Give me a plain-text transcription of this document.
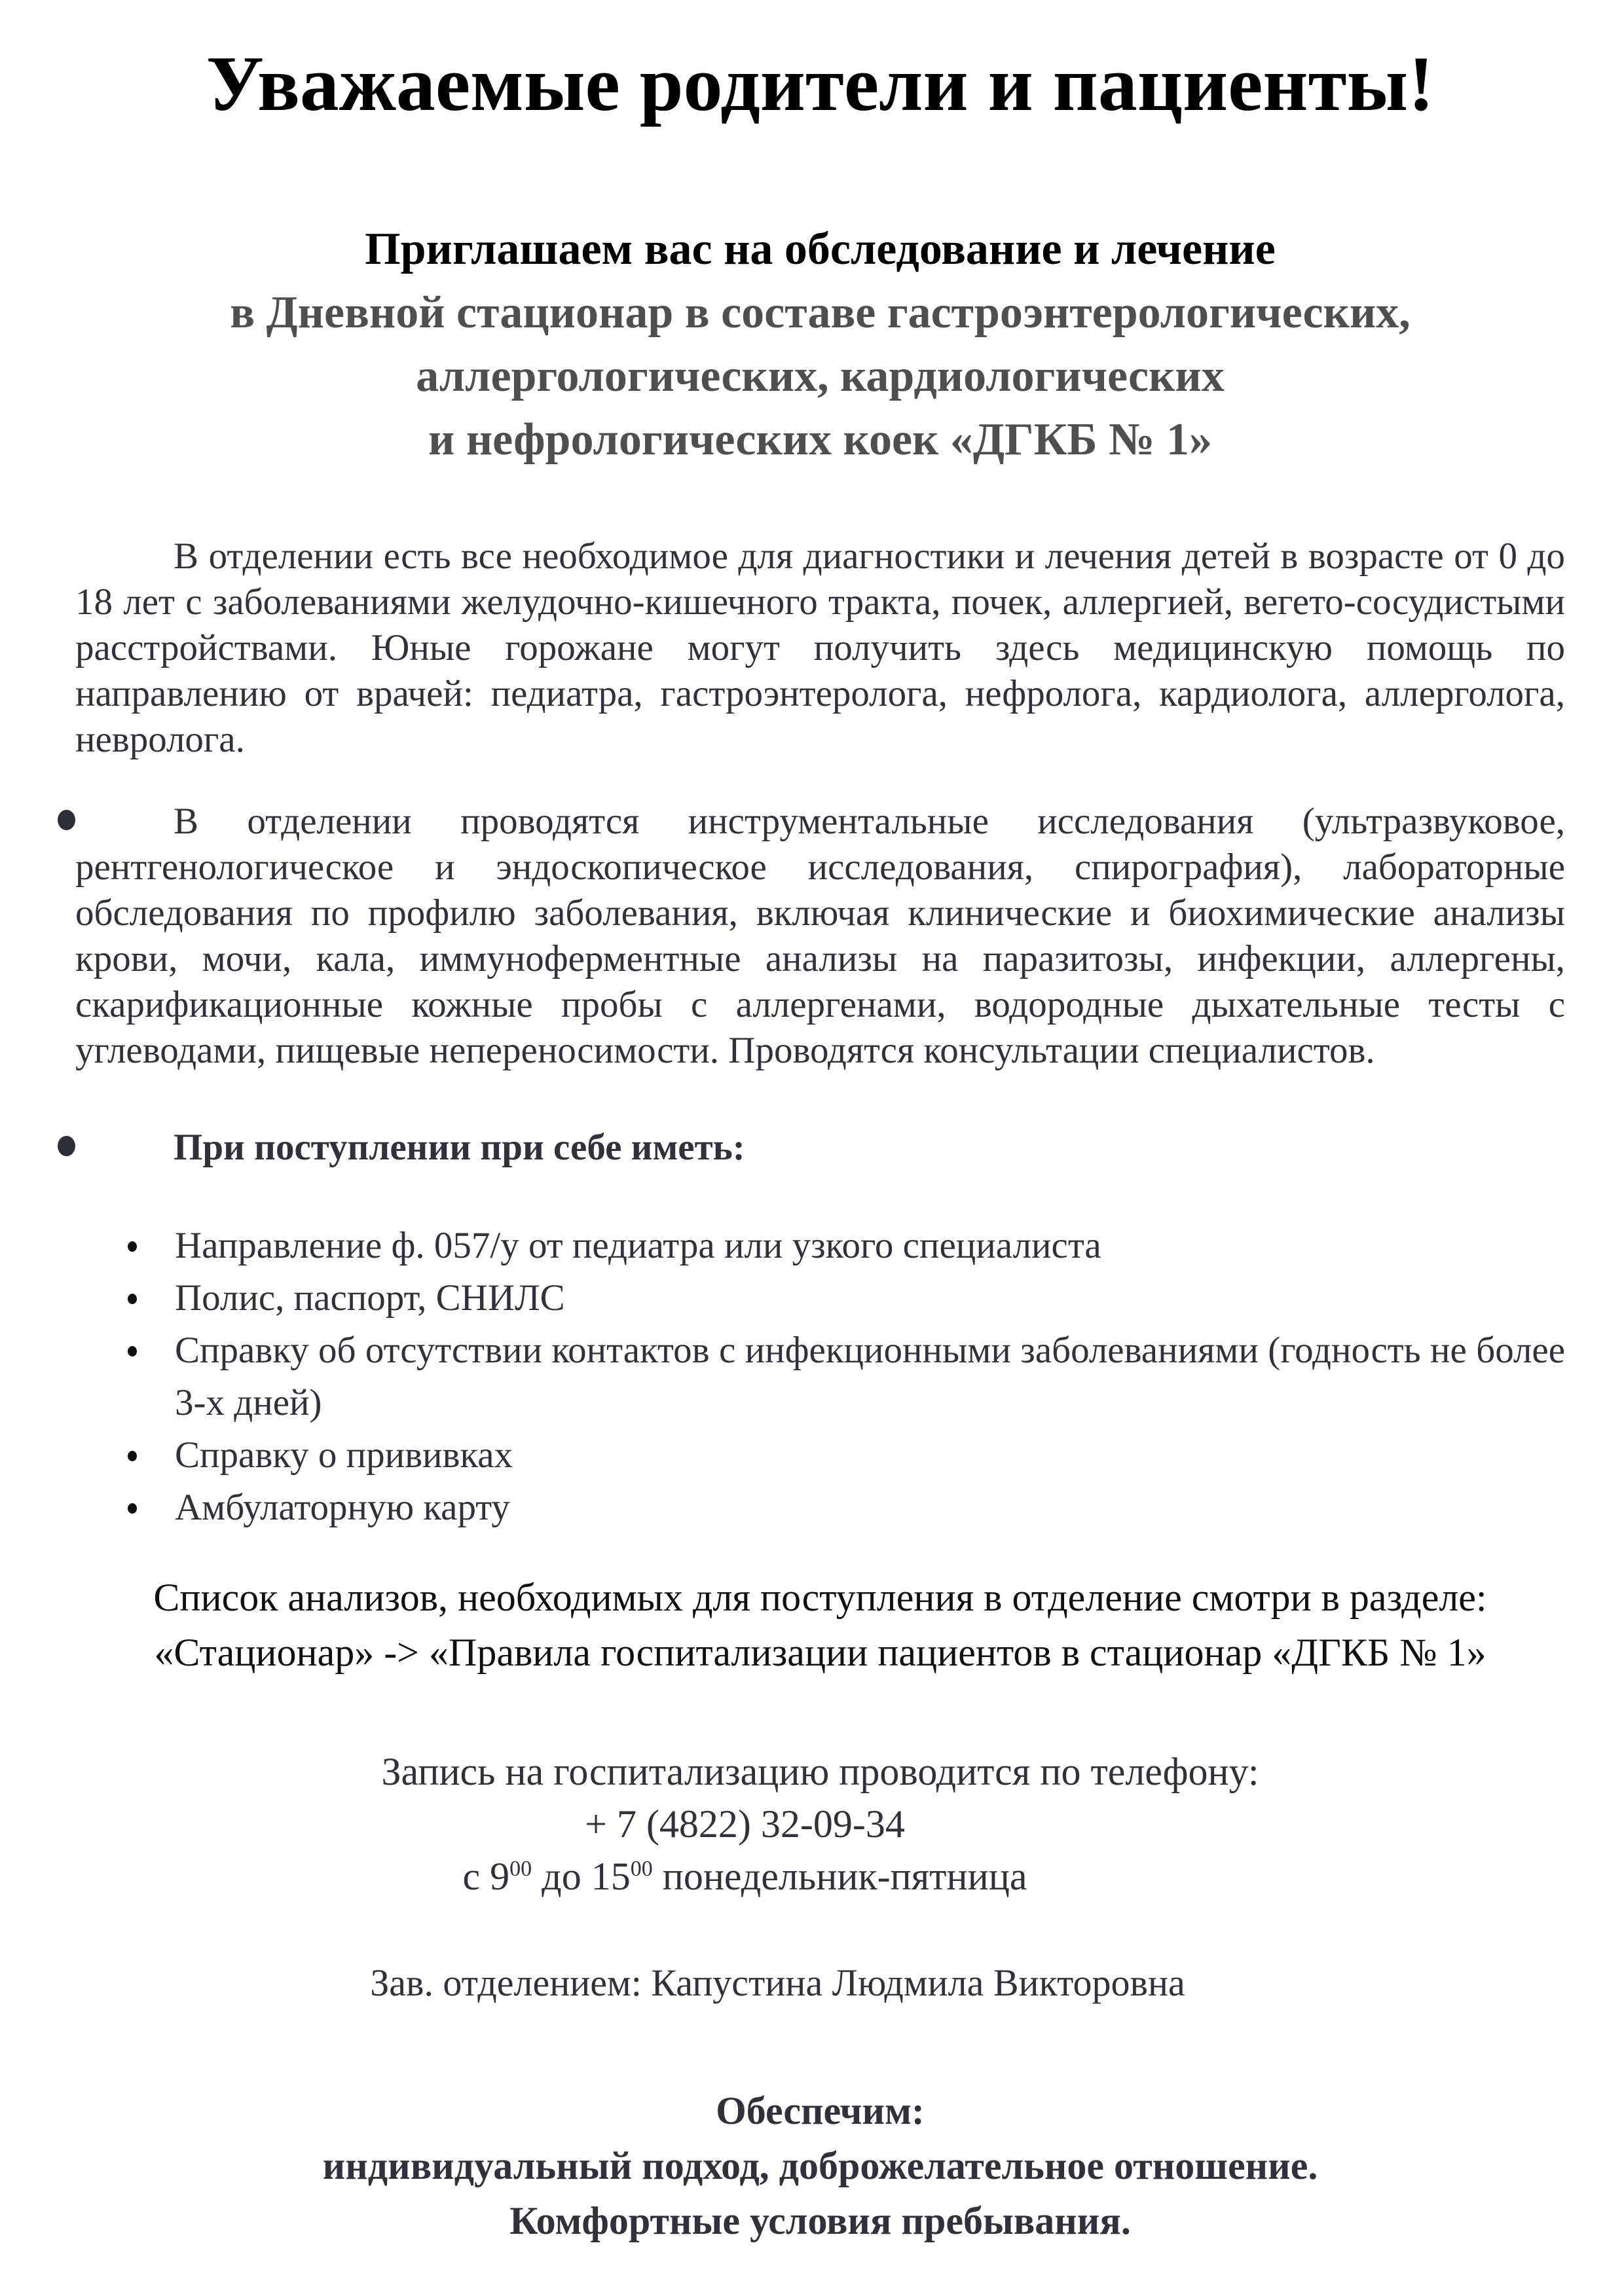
Уважаемые родители и пациенты!
Приглашаем вас на обследование и лечение
в Дневной стационар в составе гастроэнтерологических,
аллергологических, кардиологических
и нефрологических коек «ДГКБ № 1»

В отделении есть все необходимое для диагностики и лечения детей в возрасте от 0 до 18 лет с заболеваниями желудочно-кишечного тракта, почек, аллергией, вегето-сосудистыми расстройствами. Юные горожане могут получить здесь медицинскую помощь по направлению от врачей: педиатра, гастроэнтеролога, нефролога, кардиолога, аллерголога, невролога.

В отделении проводятся инструментальные исследования (ультразвуковое, рентгенологическое и эндоскопическое исследования, спирография), лабораторные обследования по профилю заболевания, включая клинические и биохимические анализы крови, мочи, кала, иммуноферментные анализы на паразитозы, инфекции, аллергены, скарификационные кожные пробы с аллергенами, водородные дыхательные тесты с углеводами, пищевые непереносимости. Проводятся консультации специалистов.
При поступлении при себе иметь:
Направление ф. 057/у от педиатра или узкого специалиста
Полис, паспорт, СНИЛС
Справку об отсутствии контактов с инфекционными заболеваниями (годность не более 3-х дней)
Справку о прививках
Амбулаторную карту
Список анализов, необходимых для поступления в отделение смотри в разделе:
«Стационар» -> «Правила госпитализации пациентов в стационар «ДГКБ № 1»
Запись на госпитализацию проводится по телефону:
+ 7 (4822) 32-09-34
с $9^{00}$ до $15^{00}$ понедельник-пятница
Зав. отделением: Капустина Людмила Викторовна
Обеспечим:
индивидуальный подход, доброжелательное отношение.
Комфортные условия пребывания.
